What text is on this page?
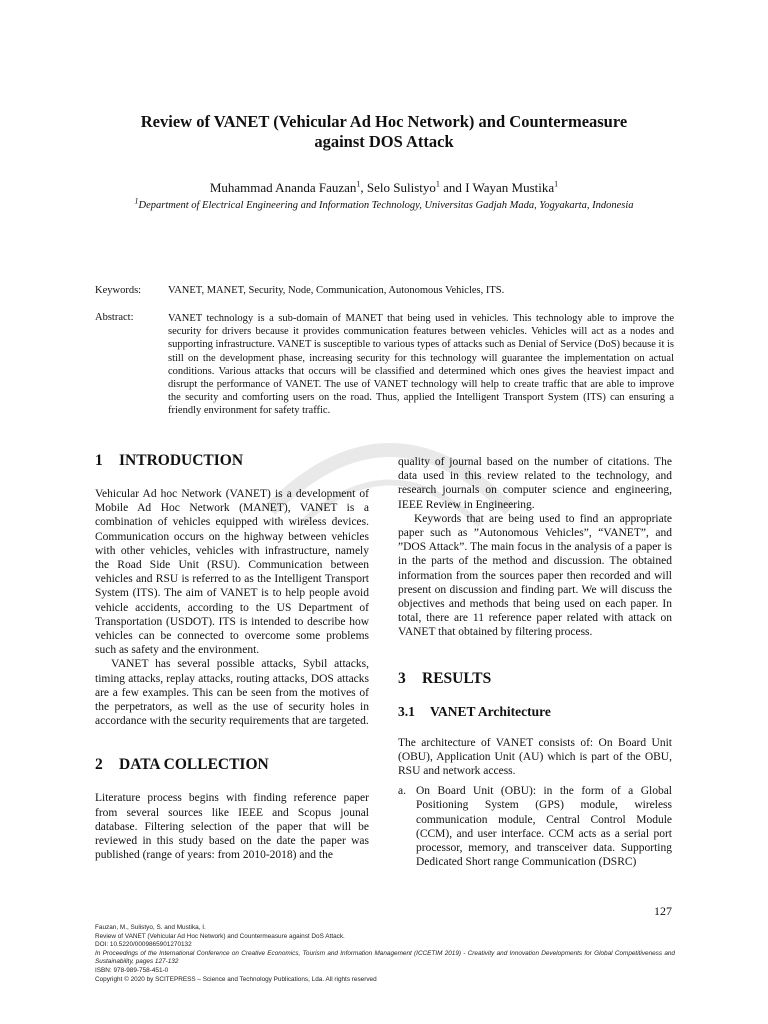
Review of VANET (Vehicular Ad Hoc Network) and Countermeasure
against DOS Attack
Muhammad Ananda Fauzan$^1$, Selo Sulistyo$^1$ and I Wayan Mustika$^1$
$^1$Department of Electrical Engineering and Information Technology, Universitas Gadjah Mada, Yogyakarta, Indonesia
Keywords:	VANET, MANET, Security, Node, Communication, Autonomous Vehicles, ITS.
Abstract:	VANET technology is a sub-domain of MANET that being used in vehicles. This technology able to improve the security for drivers because it provides communication features between vehicles. Vehicles will act as a nodes and supporting infrastructure. VANET is susceptible to various types of attacks such as Denial of Service (DoS) because it is still on the development phase, increasing security for this technology will guarantee the implementation on actual conditions. Various attacks that occurs will be classified and determined which ones gives the heaviest impact and disrupt the performance of VANET. The use of VANET technology will help to create traffic that are able to improve the security and comforting users on the road. Thus, applied the Intelligent Transport System (ITS) can ensuring a friendly environment for safety traffic.
1 INTRODUCTION

Vehicular Ad hoc Network (VANET) is a development of Mobile Ad Hoc Network (MANET), VANET is a combination of vehicles equipped with wireless devices. Communication occurs on the highway between vehicles with other vehicles, vehicles with infrastructure, namely the Road Side Unit (RSU). Communication between vehicles and RSU is referred to as the Intelligent Transport System (ITS). The aim of VANET is to help people avoid vehicle accidents, according to the US Department of Transportation (USDOT). ITS is intended to describe how vehicles can be connected to overcome some problems such as safety and the environment.

VANET has several possible attacks, Sybil attacks, timing attacks, replay attacks, routing attacks, DOS attacks are a few examples. This can be seen from the motives of the perpetrators, as well as the use of security holes in accordance with the security requirements that are targeted.

2 DATA COLLECTION

Literature process begins with finding reference paper from several sources like IEEE and Scopus jounal database. Filtering selection of the paper that will be reviewed in this study based on the date the paper was published (range of years: from 2010-2018) and the

quality of journal based on the number of citations. The data used in this review related to the technology, and research journals on computer science and engineering, IEEE Review in Engineering.

Keywords that are being used to find an appropriate paper such as ”Autonomous Vehicles”, “VANET”, and ”DOS Attack”. The main focus in the analysis of a paper is in the parts of the method and discussion. The obtained information from the sources paper then recorded and will present on discussion and finding part. We will discuss the objectives and methods that being used on each paper. In total, there are 11 reference paper related with attack on VANET that obtained by filtering process.

3 RESULTS
3.1 VANET Architecture

The architecture of VANET consists of: On Board Unit (OBU), Application Unit (AU) which is part of the OBU, RSU and network access.

a. On Board Unit (OBU): in the form of a Global Positioning System (GPS) module, wireless communication module, Central Control Module (CCM), and user interface. CCM acts as a serial port processor, memory, and transceiver data. Supporting Dedicated Short range Communication (DSRC)
127
Fauzan, M., Sulistyo, S. and Mustika, I.
Review of VANET (Vehicular Ad Hoc Network) and Countermeasure against DoS Attack.
DOI: 10.5220/0009865901270132
In Proceedings of the International Conference on Creative Economics, Tourism and Information Management (ICCETIM 2019) - Creativity and Innovation Developments for Global Competitiveness and Sustainability, pages 127-132
ISBN: 978-989-758-451-0
Copyright © 2020 by SCITEPRESS – Science and Technology Publications, Lda. All rights reserved
